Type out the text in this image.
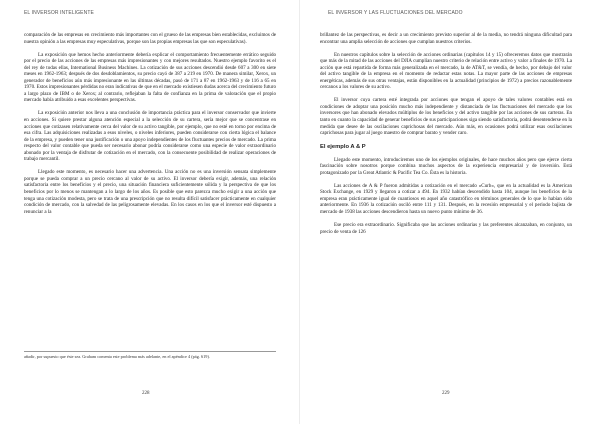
EL INVERSOR INTELIGENTE

comparación de las empresas en crecimiento más importantes con el grueso de las empresas bien establecidas, excluimos de nuestra opinión a las empresas muy especulativas, porque son las propias empresas las que son especulativas).

La exposición que hemos hecho anteriormente debería explicar el comportamiento frecuentemente errático seguido por el precio de las acciones de las empresas más impresionantes y con mejores resultados. Nuestro ejemplo favorito es el del rey de todas ellas, International Business Machines. La cotización de sus acciones descendió desde 607 a 300 en siete meses en 1962-1963; después de dos desdoblamientos, su precio cayó de 387 a 219 en 1970. De manera similar, Xerox, un generador de beneficios aún más impresionante en las últimas décadas, pasó de 171 a 87 en 1962-1963 y de 116 a 65 en 1970. Estos impresionantes pérdidas no eran indicativas de que en el mercado existiesen dudas acerca del crecimiento futuro a largo plazo de IBM o de Xerox; al contrario, reflejaban la falta de confianza en la prima de valoración que el propio mercado había atribuido a esas excelentes perspectivas.

La exposición anterior nos lleva a una conclusión de importancia práctica para el inversor conservador que invierte en acciones. Si quiere prestar alguna atención especial a la selección de su cartera, sería mejor que se concentrase en acciones que cotizasen relativamente cerca del valor de su activo tangible, por ejemplo, que no esté en torno por encima de esa cifra. Las adquisiciones realizadas a esos niveles, o niveles inferiores, pueden considerarse con cierta lógica el balance de la empresa, y pueden tener una justificación o una apoyo independientes de los fluctuantes precios de mercado. La prima respecto del valor contable que pueda ser necesario abonar podría considerarse como una especie de valor extraordinario abonado por la ventaja de disfrutar de cotización en el mercado, con la consecuente posibilidad de realizar operaciones de trabajo mercantil.

Llegado este momento, es necesario hacer una advertencia. Una acción no es una inversión sensata simplemente porque se pueda comprar a un precio cercano al valor de su activo. El inversor debería exigir, además, una relación satisfactoria entre los beneficios y el precio, una situación financiera suficientemente sólida y la perspectiva de que los beneficios por lo menos se mantengan a lo largo de los años. Es posible que esto parezca mucho exigir a una acción que tenga una cotización modesta, pero se trata de una prescripción que no resulta difícil satisfacer prácticamente en cualquier condición de mercado, con la salvedad de las peligrosamente elevadas. En los casos en los que el inversor esté dispuesto a renunciar a la

añadir, por supuesto que éste sea. Graham comenta este problema más adelante, en el apéndice 4 (pág. 619).
228
EL INVERSOR Y LAS FLUCTUACIONES DEL MERCADO

brillantez de las perspectivas, es decir a un crecimiento previsto superior al de la media, no tendrá ninguna dificultad para encontrar una amplia selección de acciones que cumplan nuestros criterios.

En nuestros capítulos sobre la selección de acciones ordinarias (capítulos 14 y 15) ofreceremos datos que mostrarán que más de la mitad de las acciones del DJIA cumplían nuestro criterio de relación entre activo y valor a finales de 1970. La acción que está repartida de forma más generalizada en el mercado, la de AT&T, se vendía, de hecho, por debajo del valor del activo tangible de la empresa en el momento de redactar estas notas. La mayor parte de las acciones de empresas energéticas, además de sus otras ventajas, están disponibles en la actualidad (principios de 1972) a precios razonablemente cercanos a los valores de su activo.

El inversor cuya cartera esté integrada por acciones que tengan el apoyo de tales valores contables está en condiciones de adoptar una posición mucho más independiente y distanciada de las fluctuaciones del mercado que los inversores que han abonado elevados múltiplos de los beneficios y del activo tangible por las acciones de sus carteras. En tanto en cuanto la capacidad de generar beneficios de sus participaciones siga siendo satisfactoria, podrá desentenderse en la medida que desee de las oscilaciones caprichosas del mercado. Aún más, en ocasiones podrá utilizar esas oscilaciones caprichosas para jugar al juego maestro de comprar barato y vender caro.

El ejemplo A & P

Llegado este momento, introduciremos uno de los ejemplos originales, de hace muchos años pero que ejerce cierta fascinación sobre nosotros porque combina muchos aspectos de la experiencia empresarial y de inversión. Está protagonizado por la Great Atlantic & Pacific Tea Co. Ésta es la historia.

Las acciones de A & P fueron admitidas a cotización en el mercado «Curb», que en la actualidad es la American Stock Exchange, en 1929 y llegaron a cotizar a 494. En 1932 habían descendido hasta 104, aunque los beneficios de la empresa eran prácticamente igual de cuantiosos en aquel año catastrófico en términos generales de lo que lo habían sido anteriormente. En 1936 la cotización osciló entre 111 y 131. Después, en la recesión empresarial y el periodo bajista de mercado de 1938 las acciones descendieron hasta un nuevo punto mínimo de 36.

Ese precio era extraordinario. Significaba que las acciones ordinarias y las preferentes alcanzaban, en conjunto, un precio de venta de 126

229
